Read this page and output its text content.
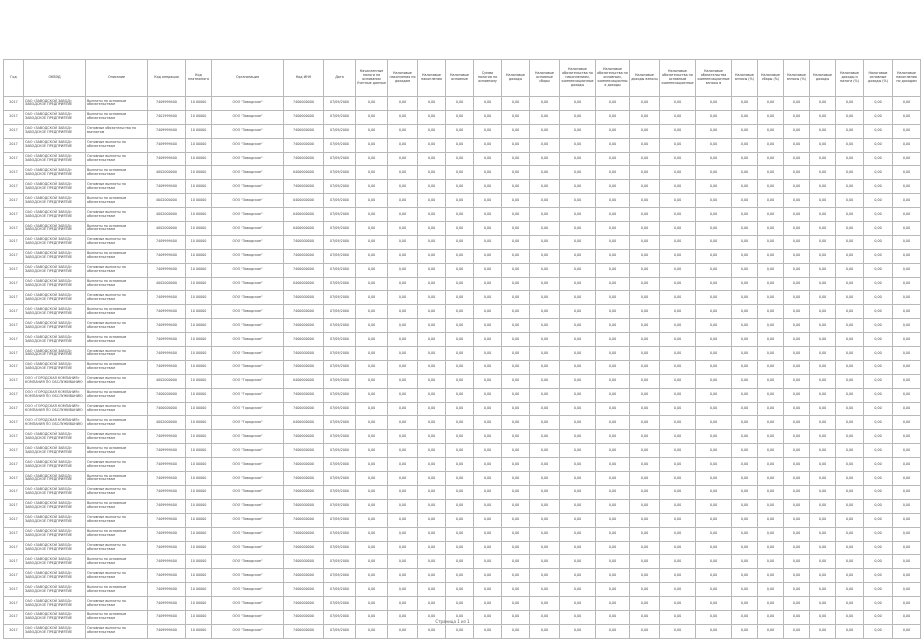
Год	ОКВЭД	Описание	Код операции	Код платежного	Организация	Код ИНН	Дата	Начисленные налоги на основании Учетные данные	Налоговые накопления по доходам	Налоговые накопления	Налоговые основные	Сумма налогов по основному	Налоговые доходы	Налоговые основные сборы	Налоговые обязательства по накоплениям, компенсационные доходы	Налоговые обязательства по основным, компенсационные доходы	Налоговые доходы взносы	Налоговые обязательства по основным компенсационные	Налоговые обязательства компенсационные взносы в	Налоговые взносы (%)	Налоговые сборы (%)	Налоговые взносы (%)	Налоговые доходы	Налоговые доходы и налоги (%)	Налоговые основные доходы (%)	Налоговые накопления по доходам
2017	ОАО «ЗАВОДСКОЙ ЗАВОД» ЗАВОДСКОЕ ПРЕДПРИЯТИЕ	Выплаты по основным обязательствам	7409999400	10 00000	ООО "Заводское"	7400000000	07/09/2000	0,00	0,00	0,00	0,00	0,00	0,00	0,00	0,00	0,00	0,00	0,00	0,00	0,00	0,00	0,00	0,00	0,00	0,00	0,00
2017	ОАО «ЗАВОДСКОЙ ЗАВОД» ЗАВОДСКОЕ ПРЕДПРИЯТИЕ	Выплаты по основным обязательствам	7401999400	10 00000	ООО "Заводское"	7400000000	07/09/2000	0,00	0,00	0,00	0,00	0,00	0,00	0,00	0,00	0,00	0,00	0,00	0,00	0,00	0,00	0,00	0,00	0,00	0,00	0,00
2017	ОАО «ЗАВОДСКОЙ ЗАВОД» ЗАВОДСКОЕ ПРЕДПРИЯТИЕ	Основные обязательства по выплатам	7409999400	10 00000	ООО "Заводское"	7400000000	07/09/2000	0,00	0,00	0,00	0,00	0,00	0,00	0,00	0,00	0,00	0,00	0,00	0,00	0,00	0,00	0,00	0,00	0,00	0,00	0,00
2017	ОАО «ЗАВОДСКОЙ ЗАВОД» ЗАВОДСКОЕ ПРЕДПРИЯТИЕ	Основные выплаты по обязательствам	7409999400	10 00000	ООО "Заводское"	7400000000	07/09/2000	0,00	0,00	0,00	0,00	0,00	0,00	0,00	0,00	0,00	0,00	0,00	0,00	0,00	0,00	0,00	0,00	0,00	0,00	0,00
2017	ОАО «ЗАВОДСКОЙ ЗАВОД» ЗАВОДСКОЕ ПРЕДПРИЯТИЕ	Основные выплаты по обязательствам	7409999400	10 00000	ООО "Заводское"	7400000000	07/09/2000	0,00	0,00	0,00	0,00	0,00	0,00	0,00	0,00	0,00	0,00	0,00	0,00	0,00	0,00	0,00	0,00	0,00	0,00	0,00
2017	ОАО «ЗАВОДСКОЙ ЗАВОД» ЗАВОДСКОЕ ПРЕДПРИЯТИЕ	Выплаты по основным обязательствам	4002000000	10 00000	ООО "Заводское"	0400000000	07/09/2000	0,00	0,00	0,00	0,00	0,00	0,00	0,00	0,00	0,00	0,00	0,00	0,00	0,00	0,00	0,00	0,00	0,00	0,00	0,00
2017	ОАО «ЗАВОДСКОЙ ЗАВОД» ЗАВОДСКОЕ ПРЕДПРИЯТИЕ	Основные выплаты по обязательствам	7409999400	10 00000	ООО "Заводское"	7400000000	07/09/2000	0,00	0,00	0,00	0,00	0,00	0,00	0,00	0,00	0,00	0,00	0,00	0,00	0,00	0,00	0,00	0,00	0,00	0,00	0,00
2017	ОАО «ЗАВОДСКОЙ ЗАВОД» ЗАВОДСКОЕ ПРЕДПРИЯТИЕ	Выплаты по основным обязательствам	4002000000	10 00000	ООО "Заводское"	0400000000	07/09/2000	0,00	0,00	0,00	0,00	0,00	0,00	0,00	0,00	0,00	0,00	0,00	0,00	0,00	0,00	0,00	0,00	0,00	0,00	0,00
2017	ОАО «ЗАВОДСКОЙ ЗАВОД» ЗАВОДСКОЕ ПРЕДПРИЯТИЕ	Основные выплаты по обязательствам	4002000000	10 00000	ООО "Заводское"	0400000000	07/09/2000	0,00	0,00	0,00	0,00	0,00	0,00	0,00	0,00	0,00	0,00	0,00	0,00	0,00	0,00	0,00	0,00	0,00	0,00	0,00
2017	ОАО «ЗАВОДСКОЙ ЗАВОД» ЗАВОДСКОЕ ПРЕДПРИЯТИЕ	Выплаты по основным обязательствам	4002000000	10 00000	ООО "Заводское"	0400000000	07/09/2000	0,00	0,00	0,00	0,00	0,00	0,00	0,00	0,00	0,00	0,00	0,00	0,00	0,00	0,00	0,00	0,00	0,00	0,00	0,00
2017	ОАО «ЗАВОДСКОЙ ЗАВОД» ЗАВОДСКОЕ ПРЕДПРИЯТИЕ	Основные выплаты по обязательствам	7409999400	10 00000	ООО "Заводское"	7400000000	07/09/2000	0,00	0,00	0,00	0,00	0,00	0,00	0,00	0,00	0,00	0,00	0,00	0,00	0,00	0,00	0,00	0,00	0,00	0,00	0,00
2017	ОАО «ЗАВОДСКОЙ ЗАВОД» ЗАВОДСКОЕ ПРЕДПРИЯТИЕ	Выплаты по основным обязательствам	7409999400	10 00000	ООО "Заводское"	7400000000	07/09/2000	0,00	0,00	0,00	0,00	0,00	0,00	0,00	0,00	0,00	0,00	0,00	0,00	0,00	0,00	0,00	0,00	0,00	0,00	0,00
2017	ОАО «ЗАВОДСКОЙ ЗАВОД» ЗАВОДСКОЕ ПРЕДПРИЯТИЕ	Основные выплаты по обязательствам	7409999400	10 00000	ООО "Заводское"	7400000000	07/09/2000	0,00	0,00	0,00	0,00	0,00	0,00	0,00	0,00	0,00	0,00	0,00	0,00	0,00	0,00	0,00	0,00	0,00	0,00	0,00
2017	ОАО «ЗАВОДСКОЙ ЗАВОД» ЗАВОДСКОЕ ПРЕДПРИЯТИЕ	Выплаты по основным обязательствам	4002000000	10 00000	ООО "Заводское"	0400000000	07/09/2000	0,00	0,00	0,00	0,00	0,00	0,00	0,00	0,00	0,00	0,00	0,00	0,00	0,00	0,00	0,00	0,00	0,00	0,00	0,00
2017	ОАО «ЗАВОДСКОЙ ЗАВОД» ЗАВОДСКОЕ ПРЕДПРИЯТИЕ	Основные выплаты по обязательствам	7409999400	10 00000	ООО "Заводское"	7400000000	07/09/2000	0,00	0,00	0,00	0,00	0,00	0,00	0,00	0,00	0,00	0,00	0,00	0,00	0,00	0,00	0,00	0,00	0,00	0,00	0,00
2017	ОАО «ЗАВОДСКОЙ ЗАВОД» ЗАВОДСКОЕ ПРЕДПРИЯТИЕ	Выплаты по основным обязательствам	7409999400	10 00000	ООО "Заводское"	7400000000	07/09/2000	0,00	0,00	0,00	0,00	0,00	0,00	0,00	0,00	0,00	0,00	0,00	0,00	0,00	0,00	0,00	0,00	0,00	0,00	0,00
2017	ОАО «ЗАВОДСКОЙ ЗАВОД» ЗАВОДСКОЕ ПРЕДПРИЯТИЕ	Основные выплаты по обязательствам	7409999400	10 00000	ООО "Заводское"	7400000000	07/09/2000	0,00	0,00	0,00	0,00	0,00	0,00	0,00	0,00	0,00	0,00	0,00	0,00	0,00	0,00	0,00	0,00	0,00	0,00	0,00
2017	ОАО «ЗАВОДСКОЙ ЗАВОД» ЗАВОДСКОЕ ПРЕДПРИЯТИЕ	Выплаты по основным обязательствам	7409999400	10 00000	ООО "Заводское"	7400000000	07/09/2000	0,00	0,00	0,00	0,00	0,00	0,00	0,00	0,00	0,00	0,00	0,00	0,00	0,00	0,00	0,00	0,00	0,00	0,00	0,00
2017	ОАО «ЗАВОДСКОЙ ЗАВОД» ЗАВОДСКОЕ ПРЕДПРИЯТИЕ	Основные выплаты по обязательствам	7409999400	10 00000	ООО "Заводское"	7400000000	07/09/2000	0,00	0,00	0,00	0,00	0,00	0,00	0,00	0,00	0,00	0,00	0,00	0,00	0,00	0,00	0,00	0,00	0,00	0,00	0,00
2017	ОАО «ЗАВОДСКОЙ ЗАВОД» ЗАВОДСКОЕ ПРЕДПРИЯТИЕ	Выплаты по основным обязательствам	7409999400	10 00000	ООО "Заводское"	7400000000	07/09/2000	0,00	0,00	0,00	0,00	0,00	0,00	0,00	0,00	0,00	0,00	0,00	0,00	0,00	0,00	0,00	0,00	0,00	0,00	0,00
2017	ООО «ГОРОДСКАЯ КОМПАНИЯ» КОМПАНИЯ ПО ОБСЛУЖИВАНИЮ	Основные выплаты по обязательствам	4002000000	10 00000	ООО "Городская"	0400000000	07/09/2000	0,00	0,00	0,00	0,00	0,00	0,00	0,00	0,00	0,00	0,00	0,00	0,00	0,00	0,00	0,00	0,00	0,00	0,00	0,00
2017	ООО «ГОРОДСКАЯ КОМПАНИЯ» КОМПАНИЯ ПО ОБСЛУЖИВАНИЮ	Выплаты по основным обязательствам	7400000000	10 00000	ООО "Городская"	7400000000	07/09/2000	0,00	0,00	0,00	0,00	0,00	0,00	0,00	0,00	0,00	0,00	0,00	0,00	0,00	0,00	0,00	0,00	0,00	0,00	0,00
2017	ООО «ГОРОДСКАЯ КОМПАНИЯ» КОМПАНИЯ ПО ОБСЛУЖИВАНИЮ	Основные выплаты по обязательствам	7400000000	10 00000	ООО "Городская"	7400000000	07/09/2000	0,00	0,00	0,00	0,00	0,00	0,00	0,00	0,00	0,00	0,00	0,00	0,00	0,00	0,00	0,00	0,00	0,00	0,00	0,00
2017	ООО «ГОРОДСКАЯ КОМПАНИЯ» КОМПАНИЯ ПО ОБСЛУЖИВАНИЮ	Выплаты по основным обязательствам	4002000000	10 00000	ООО "Городская"	0400000000	07/09/2000	0,00	0,00	0,00	0,00	0,00	0,00	0,00	0,00	0,00	0,00	0,00	0,00	0,00	0,00	0,00	0,00	0,00	0,00	0,00
2017	ОАО «ЗАВОДСКОЙ ЗАВОД» ЗАВОДСКОЕ ПРЕДПРИЯТИЕ	Основные выплаты по обязательствам	7409999400	10 00000	ООО "Заводское"	7400000000	07/09/2000	0,00	0,00	0,00	0,00	0,00	0,00	0,00	0,00	0,00	0,00	0,00	0,00	0,00	0,00	0,00	0,00	0,00	0,00	0,00
2017	ОАО «ЗАВОДСКОЙ ЗАВОД» ЗАВОДСКОЕ ПРЕДПРИЯТИЕ	Выплаты по основным обязательствам	7409999400	10 00000	ООО "Заводское"	7400000000	07/09/2000	0,00	0,00	0,00	0,00	0,00	0,00	0,00	0,00	0,00	0,00	0,00	0,00	0,00	0,00	0,00	0,00	0,00	0,00	0,00
2017	ОАО «ЗАВОДСКОЙ ЗАВОД» ЗАВОДСКОЕ ПРЕДПРИЯТИЕ	Основные выплаты по обязательствам	7409999400	10 00000	ООО "Заводское"	7400000000	07/09/2000	0,00	0,00	0,00	0,00	0,00	0,00	0,00	0,00	0,00	0,00	0,00	0,00	0,00	0,00	0,00	0,00	0,00	0,00	0,00
2017	ОАО «ЗАВОДСКОЙ ЗАВОД» ЗАВОДСКОЕ ПРЕДПРИЯТИЕ	Выплаты по основным обязательствам	7409999400	10 00000	ООО "Заводское"	7400000000	07/09/2000	0,00	0,00	0,00	0,00	0,00	0,00	0,00	0,00	0,00	0,00	0,00	0,00	0,00	0,00	0,00	0,00	0,00	0,00	0,00
2017	ОАО «ЗАВОДСКОЙ ЗАВОД» ЗАВОДСКОЕ ПРЕДПРИЯТИЕ	Основные выплаты по обязательствам	7409999400	10 00000	ООО "Заводское"	7400000000	07/09/2000	0,00	0,00	0,00	0,00	0,00	0,00	0,00	0,00	0,00	0,00	0,00	0,00	0,00	0,00	0,00	0,00	0,00	0,00	0,00
2017	ОАО «ЗАВОДСКОЙ ЗАВОД» ЗАВОДСКОЕ ПРЕДПРИЯТИЕ	Выплаты по основным обязательствам	7409999400	10 00000	ООО "Заводское"	7400000000	07/09/2000	0,00	0,00	0,00	0,00	0,00	0,00	0,00	0,00	0,00	0,00	0,00	0,00	0,00	0,00	0,00	0,00	0,00	0,00	0,00
2017	ОАО «ЗАВОДСКОЙ ЗАВОД» ЗАВОДСКОЕ ПРЕДПРИЯТИЕ	Основные выплаты по обязательствам	7409999400	10 00000	ООО "Заводское"	7400000000	07/09/2000	0,00	0,00	0,00	0,00	0,00	0,00	0,00	0,00	0,00	0,00	0,00	0,00	0,00	0,00	0,00	0,00	0,00	0,00	0,00
2017	ОАО «ЗАВОДСКОЙ ЗАВОД» ЗАВОДСКОЕ ПРЕДПРИЯТИЕ	Выплаты по основным обязательствам	7409999400	10 00000	ООО "Заводское"	7400000000	07/09/2000	0,00	0,00	0,00	0,00	0,00	0,00	0,00	0,00	0,00	0,00	0,00	0,00	0,00	0,00	0,00	0,00	0,00	0,00	0,00
2017	ОАО «ЗАВОДСКОЙ ЗАВОД» ЗАВОДСКОЕ ПРЕДПРИЯТИЕ	Основные выплаты по обязательствам	7409999400	10 00000	ООО "Заводское"	7400000000	07/09/2000	0,00	0,00	0,00	0,00	0,00	0,00	0,00	0,00	0,00	0,00	0,00	0,00	0,00	0,00	0,00	0,00	0,00	0,00	0,00
2017	ОАО «ЗАВОДСКОЙ ЗАВОД» ЗАВОДСКОЕ ПРЕДПРИЯТИЕ	Выплаты по основным обязательствам	7409999400	10 00000	ООО "Заводское"	7400000000	07/09/2000	0,00	0,00	0,00	0,00	0,00	0,00	0,00	0,00	0,00	0,00	0,00	0,00	0,00	0,00	0,00	0,00	0,00	0,00	0,00
2017	ОАО «ЗАВОДСКОЙ ЗАВОД» ЗАВОДСКОЕ ПРЕДПРИЯТИЕ	Основные выплаты по обязательствам	7409999400	10 00000	ООО "Заводское"	7400000000	07/09/2000	0,00	0,00	0,00	0,00	0,00	0,00	0,00	0,00	0,00	0,00	0,00	0,00	0,00	0,00	0,00	0,00	0,00	0,00	0,00
2017	ОАО «ЗАВОДСКОЙ ЗАВОД» ЗАВОДСКОЕ ПРЕДПРИЯТИЕ	Выплаты по основным обязательствам	7409999400	10 00000	ООО "Заводское"	7400000000	07/09/2000	0,00	0,00	0,00	0,00	0,00	0,00	0,00	0,00	0,00	0,00	0,00	0,00	0,00	0,00	0,00	0,00	0,00	0,00	0,00
2017	ОАО «ЗАВОДСКОЙ ЗАВОД» ЗАВОДСКОЕ ПРЕДПРИЯТИЕ	Основные выплаты по обязательствам	7409999400	10 00000	ООО "Заводское"	7400000000	07/09/2000	0,00	0,00	0,00	0,00	0,00	0,00	0,00	0,00	0,00	0,00	0,00	0,00	0,00	0,00	0,00	0,00	0,00	0,00	0,00
2017	ОАО «ЗАВОДСКОЙ ЗАВОД» ЗАВОДСКОЕ ПРЕДПРИЯТИЕ	Выплаты по основным обязательствам	7409999400	10 00000	ООО "Заводское"	7400000000	07/09/2000	0,00	0,00	0,00	0,00	0,00	0,00	0,00	0,00	0,00	0,00	0,00	0,00	0,00	0,00	0,00	0,00	0,00	0,00	0,00
2017	ОАО «ЗАВОДСКОЙ ЗАВОД» ЗАВОДСКОЕ ПРЕДПРИЯТИЕ	Основные выплаты по обязательствам	7409999400	10 00000	ООО "Заводское"	7400000000	07/09/2000	0,00	0,00	0,00	0,00	0,00	0,00	0,00	0,00	0,00	0,00	0,00	0,00	0,00	0,00	0,00	0,00	0,00	0,00	0,00
Страница 1 из 1
